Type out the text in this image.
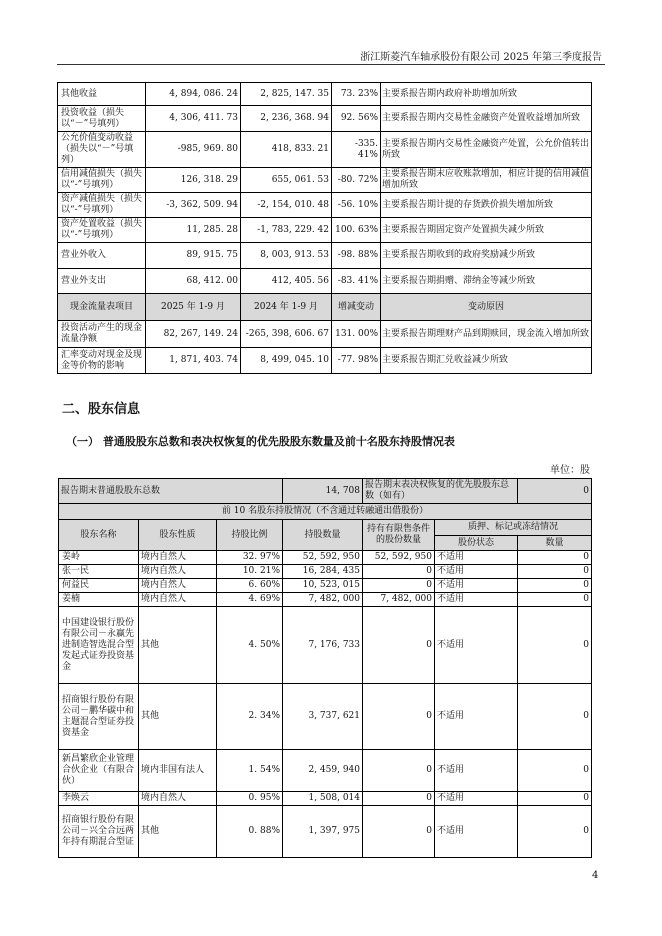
浙江斯菱汽车轴承股份有限公司 2025 年第三季度报告
其他收益	4, 894, 086. 24	2, 825, 147. 35	73. 23%	主要系报告期内政府补助增加所致
投资收益（损失以“－”号填列）	4, 306, 411. 73	2, 236, 368. 94	92. 56%	主要系报告期内交易性金融资产处置收益增加所致
公允价值变动收益（损失以“－”号填列）	-985, 969. 80	418, 833. 21	-335. 41%	主要系报告期内交易性金融资产处置，公允价值转出所致
信用减值损失（损失以“-”号填列）	126, 318. 29	655, 061. 53	-80. 72%	主要系报告期末应收账款增加，相应计提的信用减值增加所致
资产减值损失（损失以“-”号填列）	-3, 362, 509. 94	-2, 154, 010. 48	-56. 10%	主要系报告期计提的存货跌价损失增加所致
资产处置收益（损失以“-”号填列）	11, 285. 28	-1, 783, 229. 42	100. 63%	主要系报告期固定资产处置损失减少所致
营业外收入	89, 915. 75	8, 003, 913. 53	-98. 88%	主要系报告期收到的政府奖励减少所致
营业外支出	68, 412. 00	412, 405. 56	-83. 41%	主要系报告期捐赠、滞纳金等减少所致
现金流量表项目	2025 年 1-9 月	2024 年 1-9 月	增减变动	变动原因
投资活动产生的现金流量净额	82, 267, 149. 24	-265, 398, 606. 67	131. 00%	主要系报告期理财产品到期赎回，现金流入增加所致
汇率变动对现金及现金等价物的影响	1, 871, 403. 74	8, 499, 045. 10	-77. 98%	主要系报告期汇兑收益减少所致
二、股东信息
（一） 普通股股东总数和表决权恢复的优先股股东数量及前十名股东持股情况表
单位：股
报告期末普通股股东总数			14, 708	报告期末表决权恢复的优先股股东总数（如有）		0
前 10 名股东持股情况（不含通过转融通出借股份）						
股东名称	股东性质	持股比例	持股数量	持有有限售条件的股份数量	质押、标记或冻结情况	
					股份状态	数量
姜岭	境内自然人	32. 97%	52, 592, 950	52, 592, 950	不适用	0
张一民	境内自然人	10. 21%	16, 284, 435	0	不适用	0
何益民	境内自然人	6. 60%	10, 523, 015	0	不适用	0
姜楠	境内自然人	4. 69%	7, 482, 000	7, 482, 000	不适用	0
中国建设银行股份有限公司－永赢先进制造智选混合型发起式证券投资基金	其他	4. 50%	7, 176, 733	0	不适用	0
招商银行股份有限公司－鹏华碳中和主题混合型证券投资基金	其他	2. 34%	3, 737, 621	0	不适用	0
新昌繁欣企业管理合伙企业（有限合伙）	境内非国有法人	1. 54%	2, 459, 940	0	不适用	0
李焕云	境内自然人	0. 95%	1, 508, 014	0	不适用	0
招商银行股份有限公司－兴全合远两年持有期混合型证	其他	0. 88%	1, 397, 975	0	不适用	0
4
